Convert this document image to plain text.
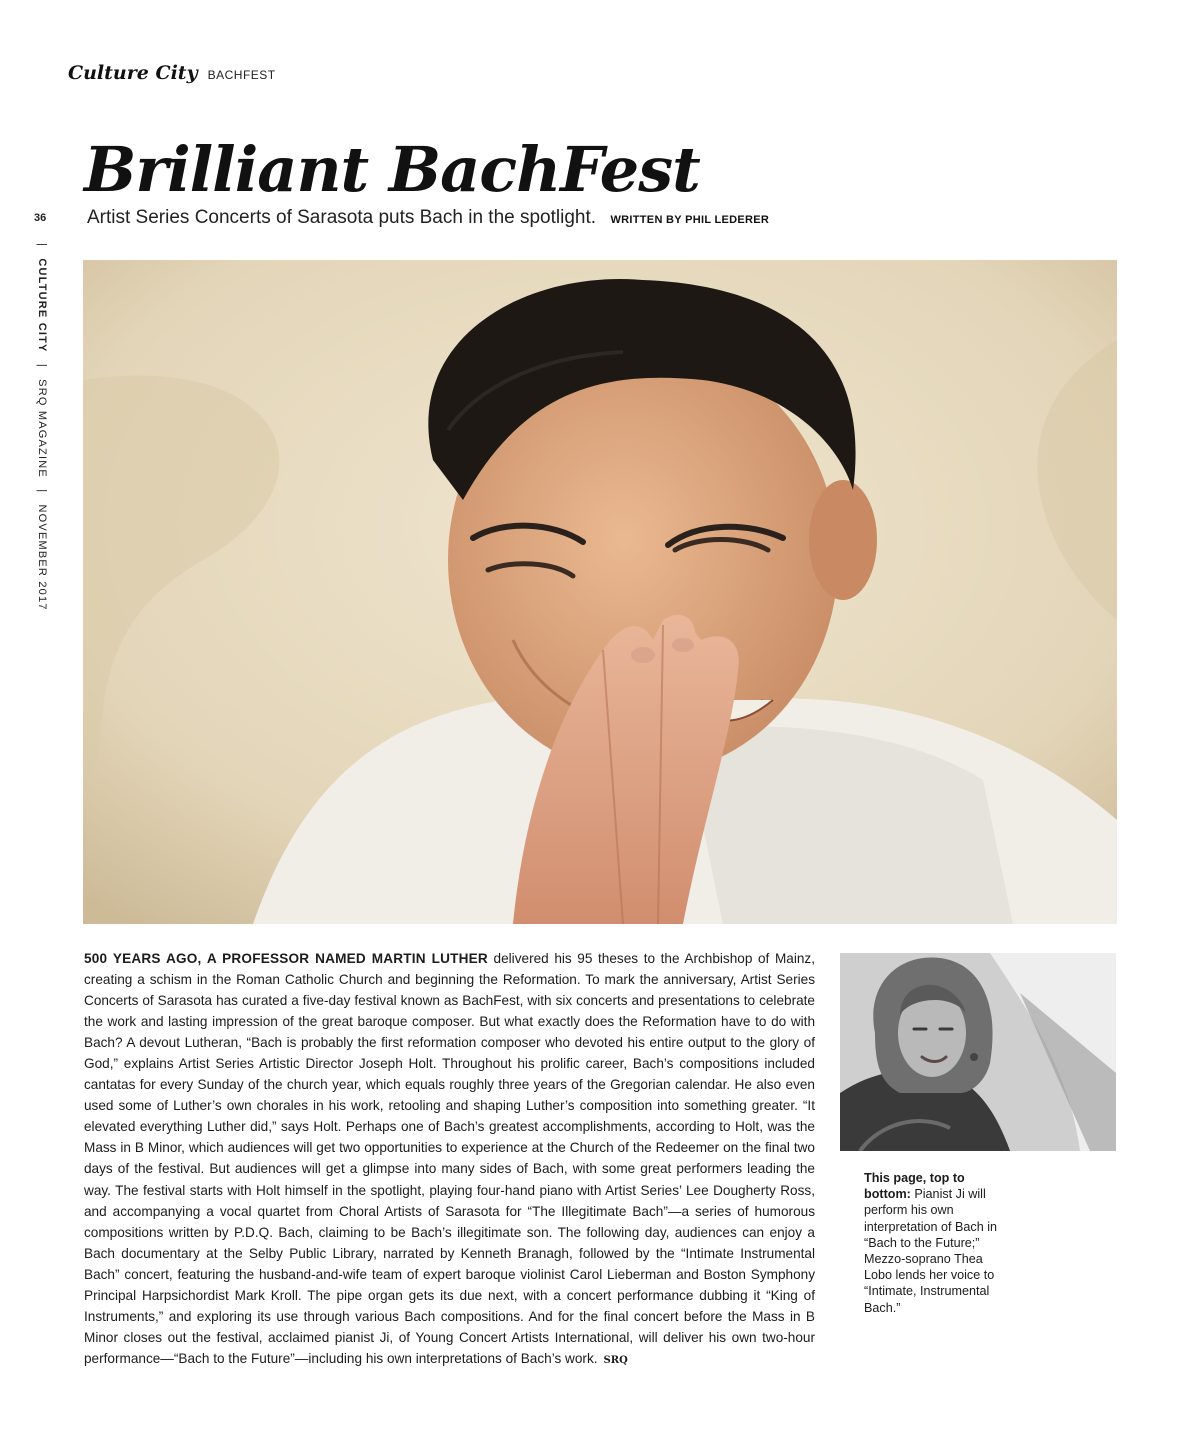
Culture City BACHFEST
36
| CULTURE CITY | SRQ MAGAZINE | NOVEMBER 2017
Brilliant BachFest
Artist Series Concerts of Sarasota puts Bach in the spotlight. WRITTEN BY PHIL LEDERER

500 YEARS AGO, A PROFESSOR NAMED MARTIN LUTHER delivered his 95 theses to the Archbishop of Mainz, creating a schism in the Roman Catholic Church and beginning the Reformation. To mark the anniversary, Artist Series Concerts of Sarasota has curated a five-day festival known as BachFest, with six concerts and presentations to celebrate the work and lasting impression of the great baroque composer. But what exactly does the Reformation have to do with Bach? A devout Lutheran, “Bach is probably the first reformation composer who devoted his entire output to the glory of God,” explains Artist Series Artistic Director Joseph Holt. Throughout his prolific career, Bach’s compositions included cantatas for every Sunday of the church year, which equals roughly three years of the Gregorian calendar. He also even used some of Luther’s own chorales in his work, retooling and shaping Luther’s composition into something greater. “It elevated everything Luther did,” says Holt. Perhaps one of Bach’s greatest accomplishments, according to Holt, was the Mass in B Minor, which audiences will get two opportunities to experience at the Church of the Redeemer on the final two days of the festival. But audiences will get a glimpse into many sides of Bach, with some great performers leading the way. The festival starts with Holt himself in the spotlight, playing four-hand piano with Artist Series’ Lee Dougherty Ross, and accompanying a vocal quartet from Choral Artists of Sarasota for “The Illegitimate Bach”—a series of humorous compositions written by P.D.Q. Bach, claiming to be Bach’s illegitimate son. The following day, audiences can enjoy a Bach documentary at the Selby Public Library, narrated by Kenneth Branagh, followed by the “Intimate Instrumental Bach” concert, featuring the husband-and-wife team of expert baroque violinist Carol Lieberman and Boston Symphony Principal Harpsichordist Mark Kroll. The pipe organ gets its due next, with a concert performance dubbing it “King of Instruments,” and exploring its use through various Bach compositions. And for the final concert before the Mass in B Minor closes out the festival, acclaimed pianist Ji, of Young Concert Artists International, will deliver his own two-hour performance—“Bach to the Future”—including his own interpretations of Bach’s work. SRQ

This page, top to bottom: Pianist Ji will perform his own interpretation of Bach in “Bach to the Future;” Mezzo-soprano Thea Lobo lends her voice to “Intimate, Instrumental Bach.”
